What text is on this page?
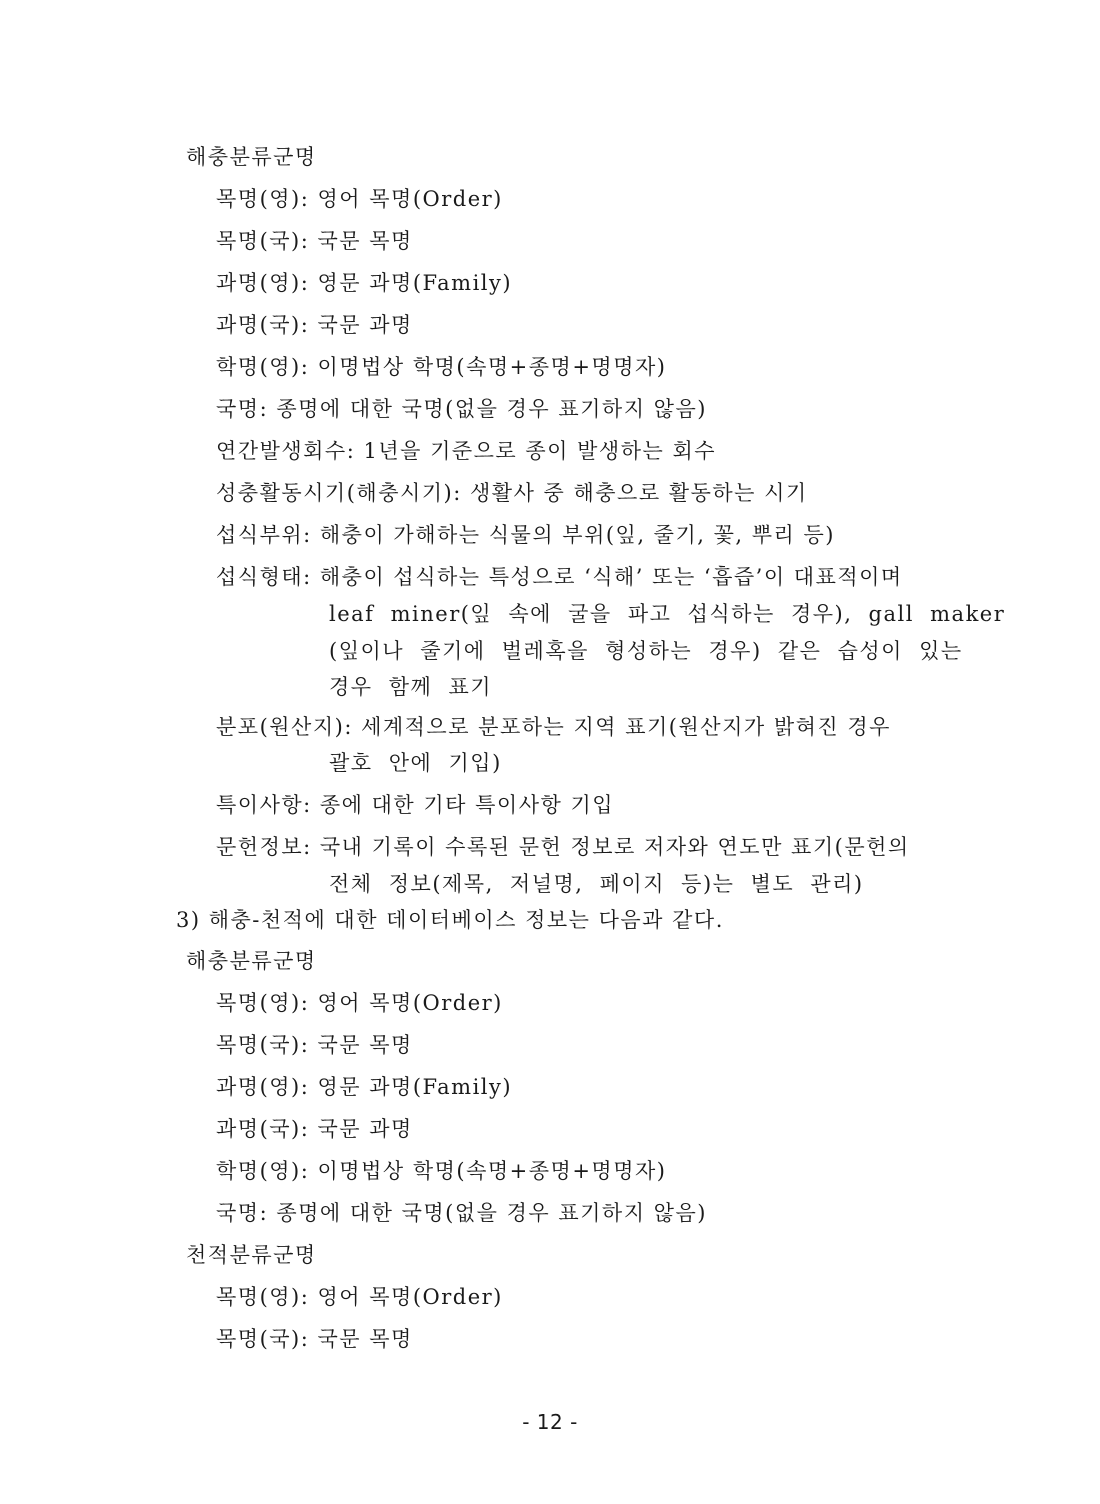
해충분류군명
목명(영): 영어 목명(Order)
목명(국): 국문 목명
과명(영): 영문 과명(Family)
과명(국): 국문 과명
학명(영): 이명법상 학명(속명+종명+명명자)
국명: 종명에 대한 국명(없을 경우 표기하지 않음)
연간발생회수: 1년을 기준으로 종이 발생하는 회수
성충활동시기(해충시기): 생활사 중 해충으로 활동하는 시기
섭식부위: 해충이 가해하는 식물의 부위(잎, 줄기, 꽃, 뿌리 등)
섭식형태: 해충이 섭식하는 특성으로 ‘식해’ 또는 ‘흡즙’이 대표적이며
leaf miner(잎 속에 굴을 파고 섭식하는 경우), gall maker
(잎이나 줄기에 벌레혹을 형성하는 경우) 같은 습성이 있는
경우 함께 표기
분포(원산지): 세계적으로 분포하는 지역 표기(원산지가 밝혀진 경우
괄호 안에 기입)
특이사항: 종에 대한 기타 특이사항 기입
문헌정보: 국내 기록이 수록된 문헌 정보로 저자와 연도만 표기(문헌의
전체 정보(제목, 저널명, 페이지 등)는 별도 관리)
3) 해충-천적에 대한 데이터베이스 정보는 다음과 같다.
해충분류군명
목명(영): 영어 목명(Order)
목명(국): 국문 목명
과명(영): 영문 과명(Family)
과명(국): 국문 과명
학명(영): 이명법상 학명(속명+종명+명명자)
국명: 종명에 대한 국명(없을 경우 표기하지 않음)
천적분류군명
목명(영): 영어 목명(Order)
목명(국): 국문 목명
- 12 -
